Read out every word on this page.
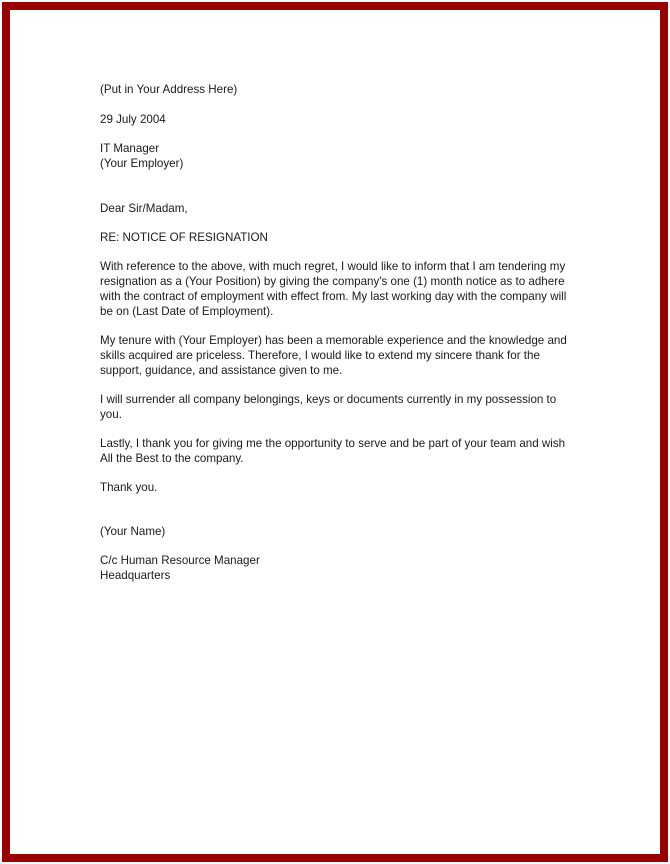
(Put in Your Address Here)
29 July 2004
IT Manager
(Your Employer)
Dear Sir/Madam,
RE: NOTICE OF RESIGNATION
With reference to the above, with much regret, I would like to inform that I am tendering my resignation as a (Your Position) by giving the company's one (1) month notice as to adhere with the contract of employment with effect from. My last working day with the company will be on (Last Date of Employment).
My tenure with (Your Employer) has been a memorable experience and the knowledge and skills acquired are priceless. Therefore, I would like to extend my sincere thank for the support, guidance, and assistance given to me.
I will surrender all company belongings, keys or documents currently in my possession to you.
Lastly, I thank you for giving me the opportunity to serve and be part of your team and wish All the Best to the company.
Thank you.
(Your Name)
C/c Human Resource Manager
Headquarters
